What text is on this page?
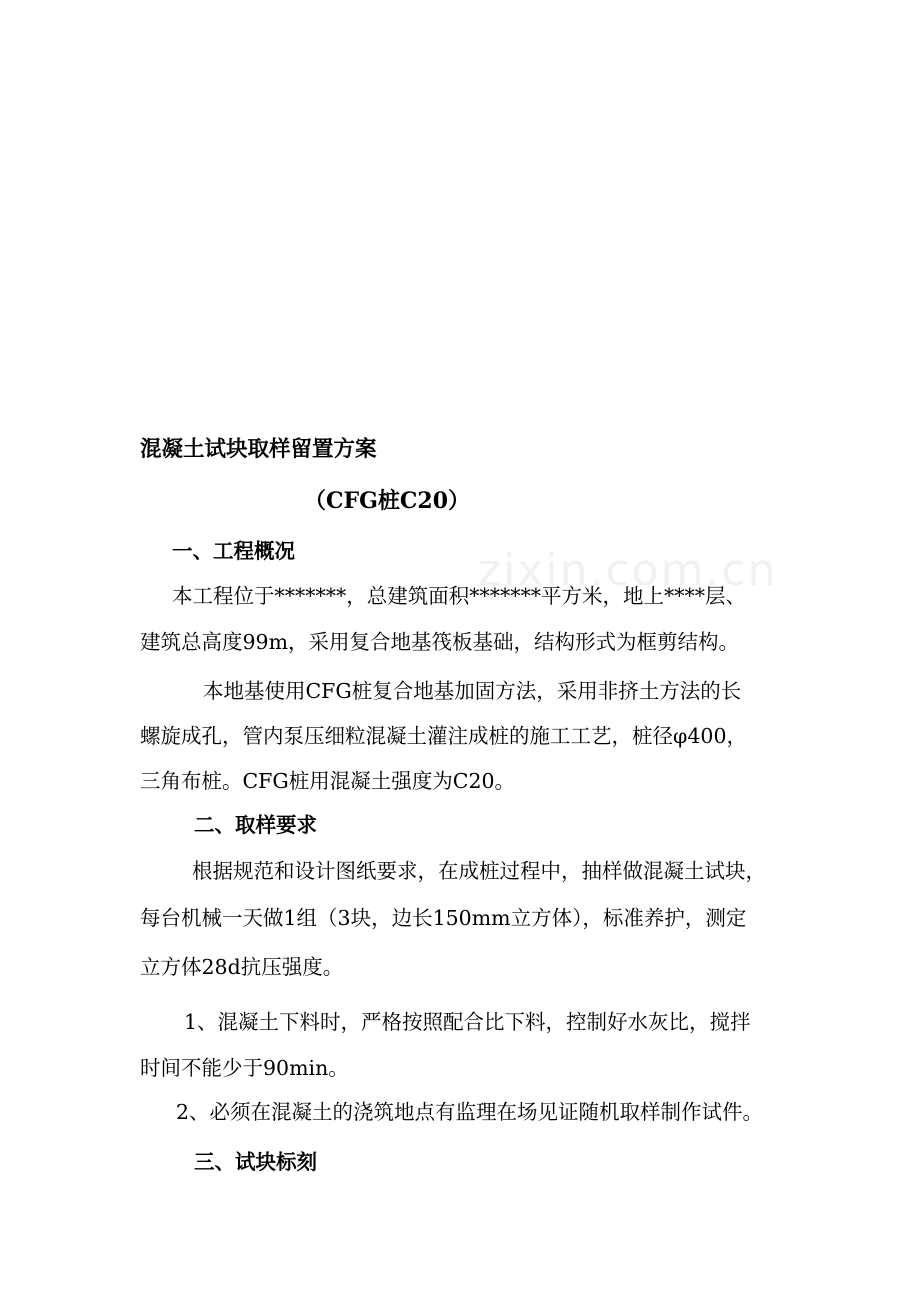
zixin.com.cn
混凝土试块取样留置方案
（CFG桩C20）
一、工程概况
本工程位于*******，总建筑面积*******平方米，地上****层、
建筑总高度99m，采用复合地基筏板基础，结构形式为框剪结构。
本地基使用CFG桩复合地基加固方法，采用非挤土方法的长
螺旋成孔，管内泵压细粒混凝土灌注成桩的施工工艺，桩径φ400，
三角布桩。CFG桩用混凝土强度为C20。
二、取样要求
根据规范和设计图纸要求，在成桩过程中，抽样做混凝土试块，
每台机械一天做1组（3块，边长150mm立方体），标准养护，测定
立方体28d抗压强度。
1、混凝土下料时，严格按照配合比下料，控制好水灰比，搅拌
时间不能少于90min。
2、必须在混凝土的浇筑地点有监理在场见证随机取样制作试件。
三、试块标刻
